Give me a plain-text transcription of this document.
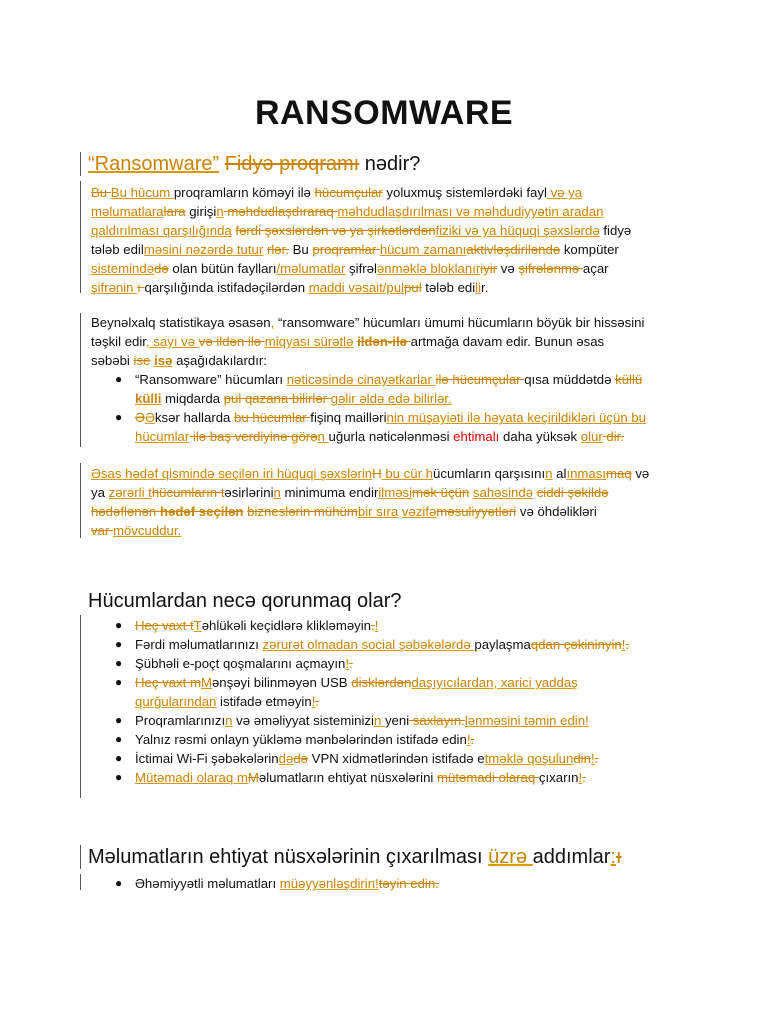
RANSOMWARE
“Ransomware” Fidyə proqramı nədir?
Bu Bu hücum proqramların köməyi ilə hücumçular yoluxmuş sistemlərdəki fayl və ya
məlumatlaralara girişin məhdudlaşdıraraq məhdudlaşdırılması və məhdudiyyətin aradan
qaldırılması qarşılığında fərdi şəxslərdən və ya şirkətlərdənfiziki və ya hüquqi şəxslərdə fidyə
tələb edilməsini nəzərdə tutur rlər. Bu proqramlar hücum zamanıaktivləşdiriləndə kompüter
sistemindədə olan bütün faylları/məlumatlar şifrələnməklə bloklanıriyir və şifrələnmə açar
şifrənin ı qarşılığında istifadəçilərdən maddi vəsait/pulpul tələb edilir.
Beynəlxalq statistikaya əsasən, “ransomware” hücumları ümumi hücumların böyük bir hissəsini
təşkil edir, sayı və və ildən ilə miqyası sürətlə ildən-ilə artmağa davam edir. Bunun əsas
səbəbi ise isə aşağıdakılardır:
● “Ransomware” hücumları nəticəsində cinayətkarlar ilə hücumçular qısa müddətdə küllü
külli miqdarda pul qazana bilirlər gəlir əldə edə bilirlər.
● ƏƏksər hallarda bu hücumlar fişinq maillərinin müşayiəti ilə həyata keçirildikləri üçün bu
hücumlar ilə baş verdiyinə görən uğurla nəticələnməsi ehtimalı daha yüksək olur dir.
Əsas hədəf qismində seçilən iri hüquqi şəxslərinH bu cür hücumların qarşısının alınmasımaq və
ya zərərli thücumların təsirlərinin minimuma endirilməsimək üçün sahəsində ciddi şəkildə
hədəflənən hədəf seçilən bizneslərin mühümbir sıra vəzifəməsuliyyətləri və öhdəlikləri
var mövcuddur.
Hücumlardan necə qorunmaq olar?
● Heç vaxt tTəhlükəli keçidlərə klikləməyin.!
● Fərdi məlumatlarınızı zərurət olmadan social şəbəkələrdə paylaşmaqdan çəkininyin!.
● Şübhəli e-poçt qoşmalarını açmayın!.
● Heç vaxt mMənşəyi bilinməyən USB disklərdəndaşıyıcılardan, xarici yaddaş
qurğularından istifadə etməyin!.
● Proqramlarınızın və əməliyyat sisteminizin yeni saxlayın.lənməsini təmin edin!
● Yalnız rəsmi onlayn yükləmə mənbələrindən istifadə edin!.
● İctimai Wi-Fi şəbəkələrindədə VPN xidmətlərindən istifadə etməklə qoşulundin!.
● Mütəmadi olaraq mMəlumatların ehtiyat nüsxələrini mütəmadi olaraq çıxarın!.
Məlumatların ehtiyat nüsxələrinin çıxarılması üzrə addımlar:ı
● Əhəmiyyətli məlumatları müəyyənləşdirin!təyin edin.
